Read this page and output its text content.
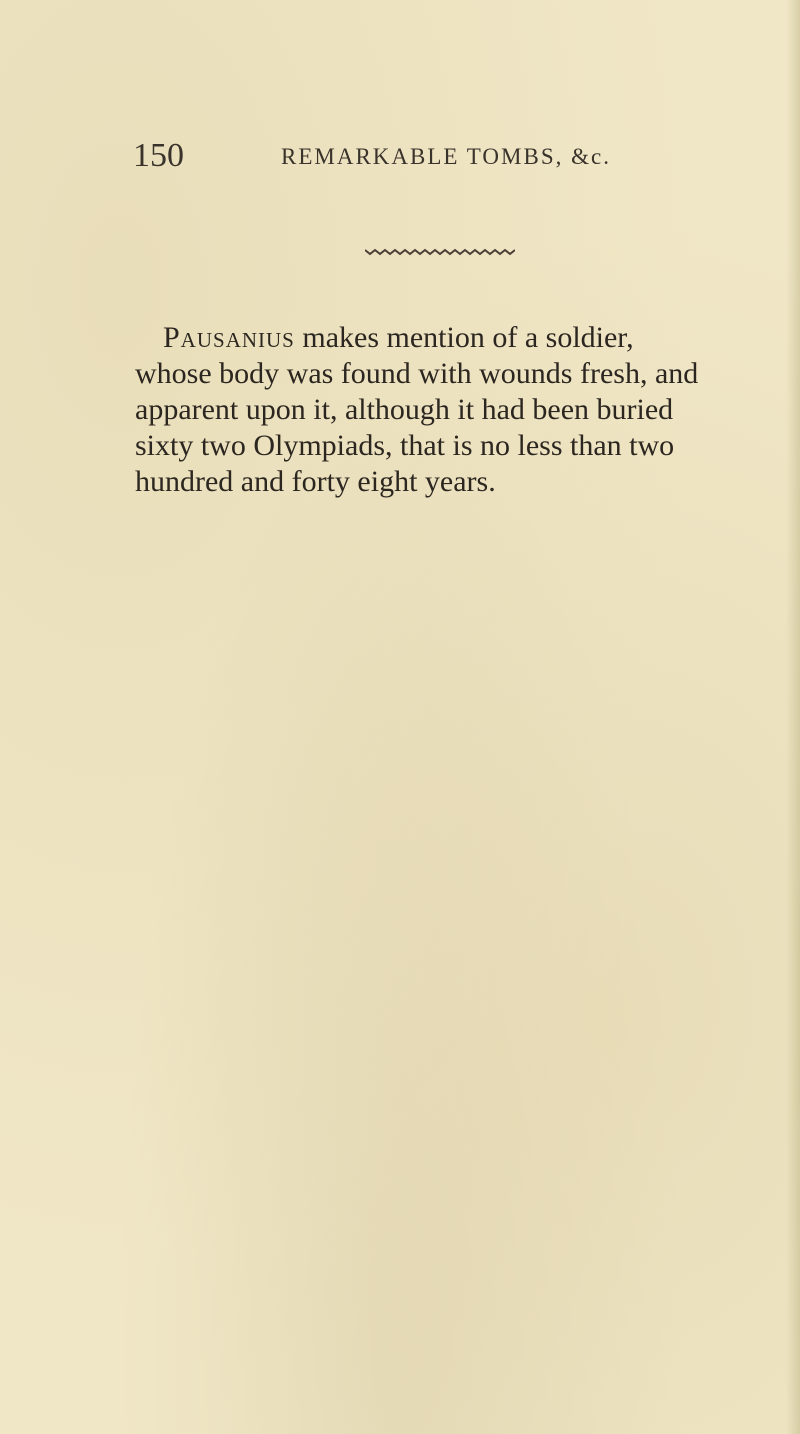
150	REMARKABLE TOMBS, &c.

Pausanius makes mention of a soldier,
whose body was found with wounds fresh, and
apparent upon it, although it had been buried
sixty two Olympiads, that is no less than two
hundred and forty eight years.
